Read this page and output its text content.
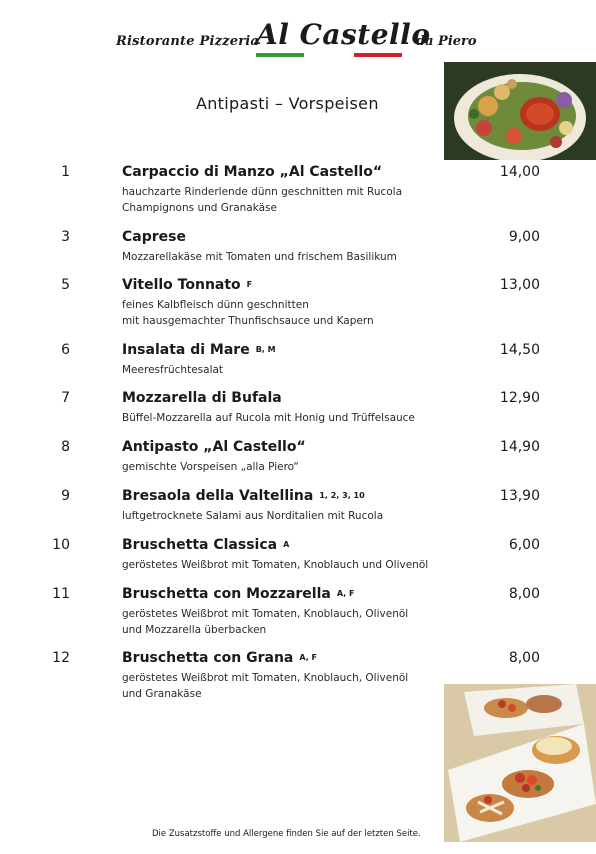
Ristorante Pizzeria
Al Castello
da Piero
Antipasti – Vorspeisen
1	Carpaccio di Manzo „Al Castello“	14,00
hauchzarte Rinderlende dünn geschnitten mit Rucola
Champignons und Granakäse
3	Caprese	9,00
Mozzarellakäse mit Tomaten und frischem Basilikum
5	Vitello Tonnato F	13,00
feines Kalbfleisch dünn geschnitten
mit hausgemachter Thunfischsauce und Kapern
6	Insalata di Mare B, M	14,50
Meeresfrüchtesalat
7	Mozzarella di Bufala	12,90
Büffel-Mozzarella auf Rucola mit Honig und Trüffelsauce
8	Antipasto „Al Castello“	14,90
gemischte Vorspeisen „alla Piero“
9	Bresaola della Valtellina 1, 2, 3, 10	13,90
luftgetrocknete Salami aus Norditalien mit Rucola
10	Bruschetta Classica A	6,00
geröstetes Weißbrot mit Tomaten, Knoblauch und Olivenöl
11	Bruschetta con Mozzarella A, F	8,00
geröstetes Weißbrot mit Tomaten, Knoblauch, Olivenöl
und Mozzarella überbacken
12	Bruschetta con Grana A, F	8,00
geröstetes Weißbrot mit Tomaten, Knoblauch, Olivenöl
und Granakäse
Die Zusatzstoffe und Allergene finden Sie auf der letzten Seite.
